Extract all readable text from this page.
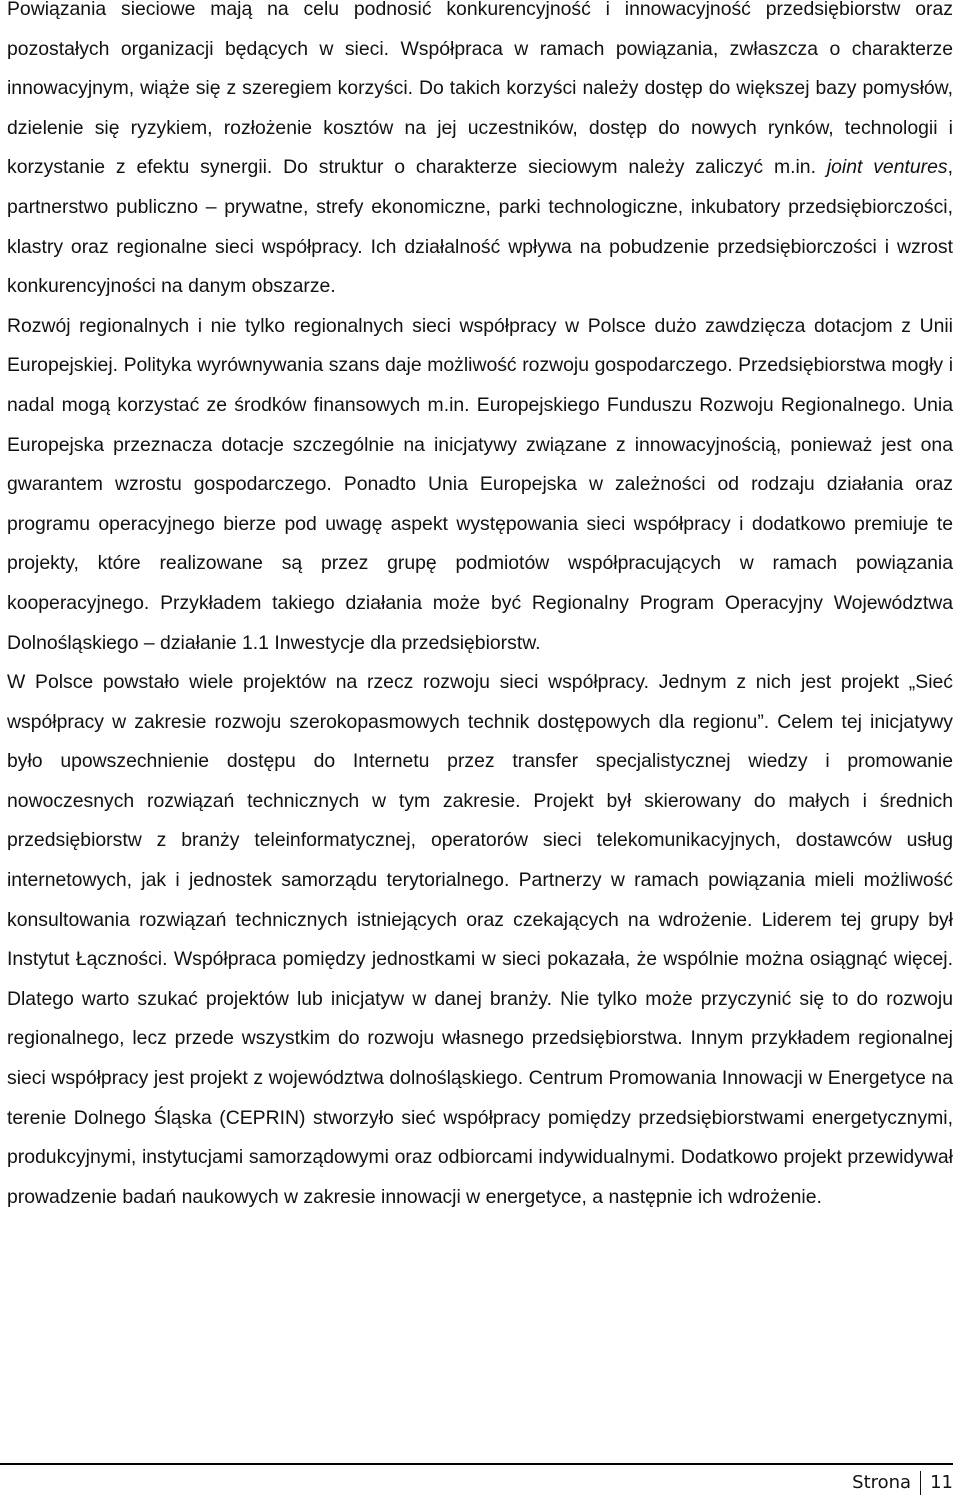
Powiązania sieciowe mają na celu podnosić konkurencyjność i innowacyjność przedsiębiorstw oraz pozostałych organizacji będących w sieci. Współpraca w ramach powiązania, zwłaszcza o charakterze innowacyjnym, wiąże się z szeregiem korzyści. Do takich korzyści należy dostęp do większej bazy pomysłów, dzielenie się ryzykiem, rozłożenie kosztów na jej uczestników, dostęp do nowych rynków, technologii i korzystanie z efektu synergii. Do struktur o charakterze sieciowym należy zaliczyć m.in. joint ventures, partnerstwo publiczno – prywatne, strefy ekonomiczne, parki technologiczne, inkubatory przedsiębiorczości, klastry oraz regionalne sieci współpracy. Ich działalność wpływa na pobudzenie przedsiębiorczości i wzrost konkurencyjności na danym obszarze.

Rozwój regionalnych i nie tylko regionalnych sieci współpracy w Polsce dużo zawdzięcza dotacjom z Unii Europejskiej. Polityka wyrównywania szans daje możliwość rozwoju gospodarczego. Przedsiębiorstwa mogły i nadal mogą korzystać ze środków finansowych m.in. Europejskiego Funduszu Rozwoju Regionalnego. Unia Europejska przeznacza dotacje szczególnie na inicjatywy związane z innowacyjnością, ponieważ jest ona gwarantem wzrostu gospodarczego. Ponadto Unia Europejska w zależności od rodzaju działania oraz programu operacyjnego bierze pod uwagę aspekt występowania sieci współpracy i dodatkowo premiuje te projekty, które realizowane są przez grupę podmiotów współpracujących w ramach powiązania kooperacyjnego. Przykładem takiego działania może być Regionalny Program Operacyjny Województwa Dolnośląskiego – działanie 1.1 Inwestycje dla przedsiębiorstw.

W Polsce powstało wiele projektów na rzecz rozwoju sieci współpracy. Jednym z nich jest projekt „Sieć współpracy w zakresie rozwoju szerokopasmowych technik dostępowych dla regionu”. Celem tej inicjatywy było upowszechnienie dostępu do Internetu przez transfer specjalistycznej wiedzy i promowanie nowoczesnych rozwiązań technicznych w tym zakresie. Projekt był skierowany do małych i średnich przedsiębiorstw z branży teleinformatycznej, operatorów sieci telekomunikacyjnych, dostawców usług internetowych, jak i jednostek samorządu terytorialnego. Partnerzy w ramach powiązania mieli możliwość konsultowania rozwiązań technicznych istniejących oraz czekających na wdrożenie. Liderem tej grupy był Instytut Łączności. Współpraca pomiędzy jednostkami w sieci pokazała, że wspólnie można osiągnąć więcej. Dlatego warto szukać projektów lub inicjatyw w danej branży. Nie tylko może przyczynić się to do rozwoju regionalnego, lecz przede wszystkim do rozwoju własnego przedsiębiorstwa. Innym przykładem regionalnej sieci współpracy jest projekt z województwa dolnośląskiego. Centrum Promowania Innowacji w Energetyce na terenie Dolnego Śląska (CEPRIN) stworzyło sieć współpracy pomiędzy przedsiębiorstwami energetycznymi, produkcyjnymi, instytucjami samorządowymi oraz odbiorcami indywidualnymi. Dodatkowo projekt przewidywał prowadzenie badań naukowych w zakresie innowacji w energetyce, a następnie ich wdrożenie.

Strona 11
